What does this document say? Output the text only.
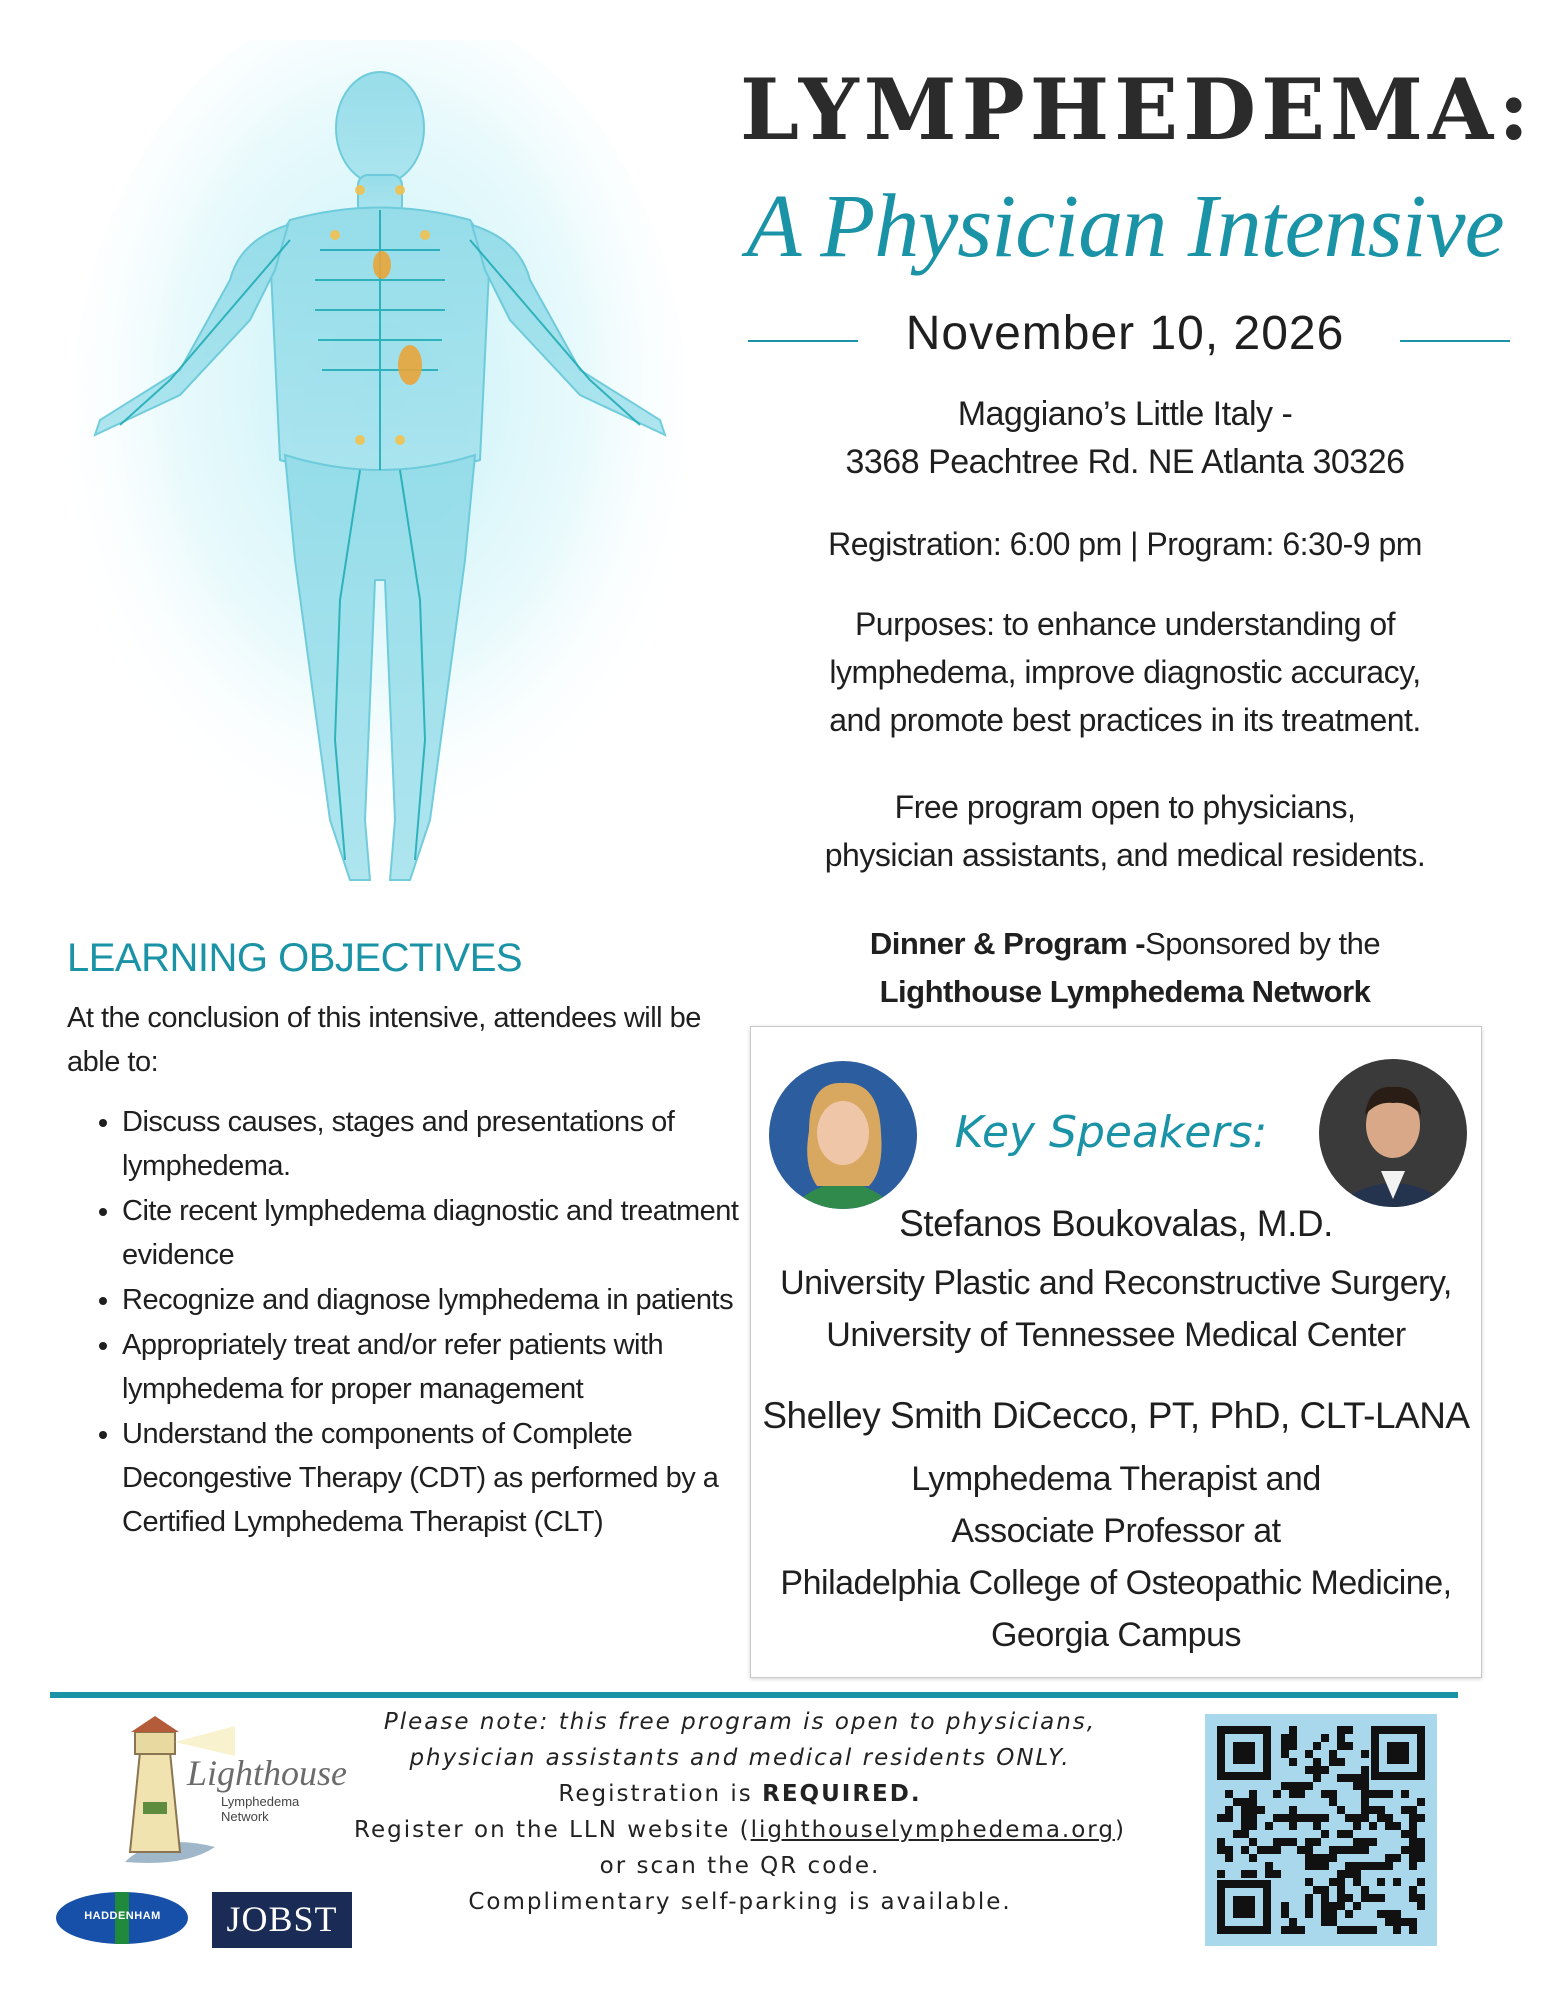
LYMPHEDEMA:
A Physician Intensive
November 10, 2026
Maggiano’s Little Italy -
3368 Peachtree Rd. NE Atlanta 30326
Registration: 6:00 pm | Program: 6:30-9 pm
Purposes: to enhance understanding of
lymphedema, improve diagnostic accuracy,
and promote best practices in its treatment.
Free program open to physicians,
physician assistants, and medical residents.
Dinner & Program -Sponsored by the
Lighthouse Lymphedema Network
LEARNING OBJECTIVES
At the conclusion of this intensive, attendees will be able to:
• Discuss causes, stages and presentations of lymphedema.
• Cite recent lymphedema diagnostic and treatment evidence
• Recognize and diagnose lymphedema in patients
• Appropriately treat and/or refer patients with lymphedema for proper management
• Understand the components of Complete Decongestive Therapy (CDT) as performed by a Certified Lymphedema Therapist (CLT)
Key Speakers:
Stefanos Boukovalas, M.D.
University Plastic and Reconstructive Surgery,
University of Tennessee Medical Center
Shelley Smith DiCecco, PT, PhD, CLT-LANA
Lymphedema Therapist and
Associate Professor at
Philadelphia College of Osteopathic Medicine,
Georgia Campus
Lighthouse
Lymphedema
Network
HADDENHAM	JOBST
Please note: this free program is open to physicians,
physician assistants and medical residents ONLY.
Registration is REQUIRED.
Register on the LLN website (lighthouselymphedema.org)
or scan the QR code.
Complimentary self-parking is available.
